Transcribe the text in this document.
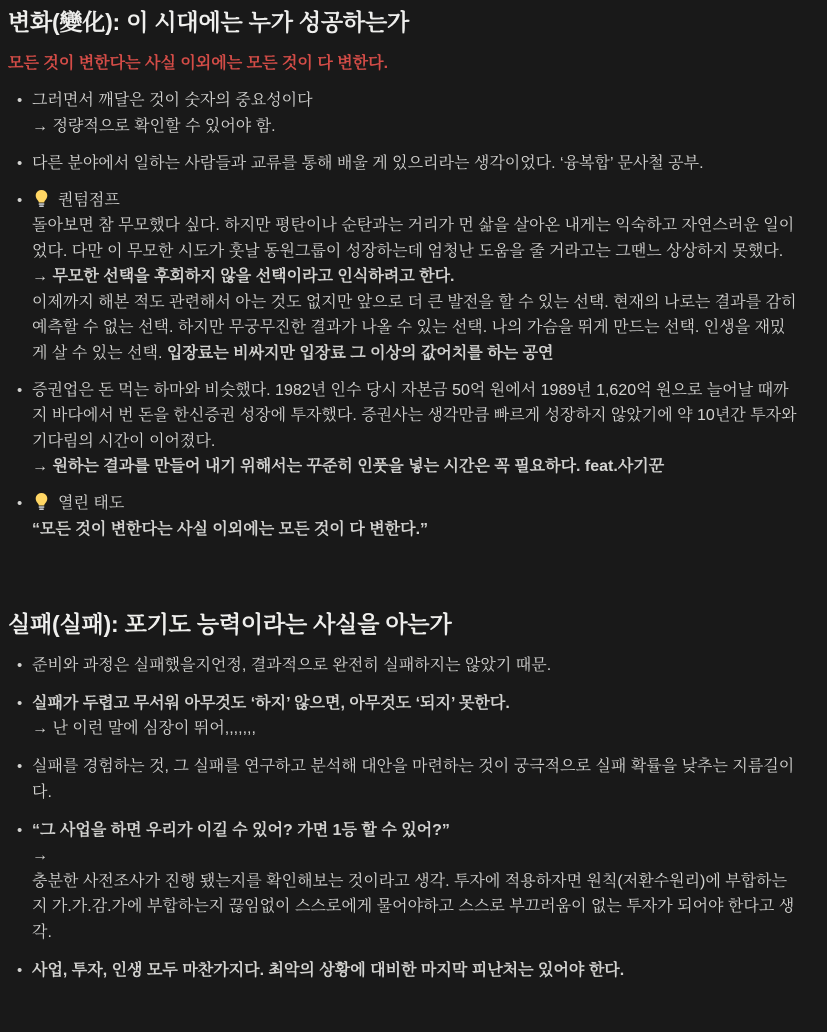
변화(變化): 이 시대에는 누가 성공하는가
모든 것이 변한다는 사실 이외에는 모든 것이 다 변한다.
• 그러면서 깨달은 것이 숫자의 중요성이다
→ 정량적으로 확인할 수 있어야 함.
• 다른 분야에서 일하는 사람들과 교류를 통해 배울 게 있으리라는 생각이었다. ‘융복합’ 문사철 공부.
• 퀀텀점프
돌아보면 참 무모했다 싶다. 하지만 평탄이나 순탄과는 거리가 먼 삶을 살아온 내게는 익숙하고 자연스러운 일이었다. 다만 이 무모한 시도가 훗날 동원그룹이 성장하는데 엄청난 도움을 줄 거라고는 그땐느 상상하지 못했다.
→ 무모한 선택을 후회하지 않을 선택이라고 인식하려고 한다.
이제까지 해본 적도 관련해서 아는 것도 없지만 앞으로 더 큰 발전을 할 수 있는 선택. 현재의 나로는 결과를 감히 예측할 수 없는 선택. 하지만 무궁무진한 결과가 나올 수 있는 선택. 나의 가슴을 뛰게 만드는 선택. 인생을 재밌게 살 수 있는 선택. 입장료는 비싸지만 입장료 그 이상의 값어치를 하는 공연
• 증권업은 돈 먹는 하마와 비슷했다. 1982년 인수 당시 자본금 50억 원에서 1989년 1,620억 원으로 늘어날 때까지 바다에서 번 돈을 한신증권 성장에 투자했다. 증권사는 생각만큼 빠르게 성장하지 않았기에 약 10년간 투자와 기다림의 시간이 이어졌다.
→ 원하는 결과를 만들어 내기 위해서는 꾸준히 인풋을 넣는 시간은 꼭 필요하다. feat.사기꾼
• 열린 태도
“모든 것이 변한다는 사실 이외에는 모든 것이 다 변한다.”
실패(실패): 포기도 능력이라는 사실을 아는가
• 준비와 과정은 실패했을지언정, 결과적으로 완전히 실패하지는 않았기 때문.
• 실패가 두렵고 무서워 아무것도 ‘하지’ 않으면, 아무것도 ‘되지’ 못한다.
→ 난 이런 말에 심장이 뛰어,,,,,,,
• 실패를 경험하는 것, 그 실패를 연구하고 분석해 대안을 마련하는 것이 궁극적으로 실패 확률을 낮추는 지름길이다.
• “그 사업을 하면 우리가 이길 수 있어? 가면 1등 할 수 있어?”
→
충분한 사전조사가 진행 됐는지를 확인해보는 것이라고 생각. 투자에 적용하자면 원칙(저환수원리)에 부합하는지 가.가.감.가에 부합하는지 끊임없이 스스로에게 물어야하고 스스로 부끄러움이 없는 투자가 되어야 한다고 생각.
• 사업, 투자, 인생 모두 마찬가지다. 최악의 상황에 대비한 마지막 피난처는 있어야 한다.
